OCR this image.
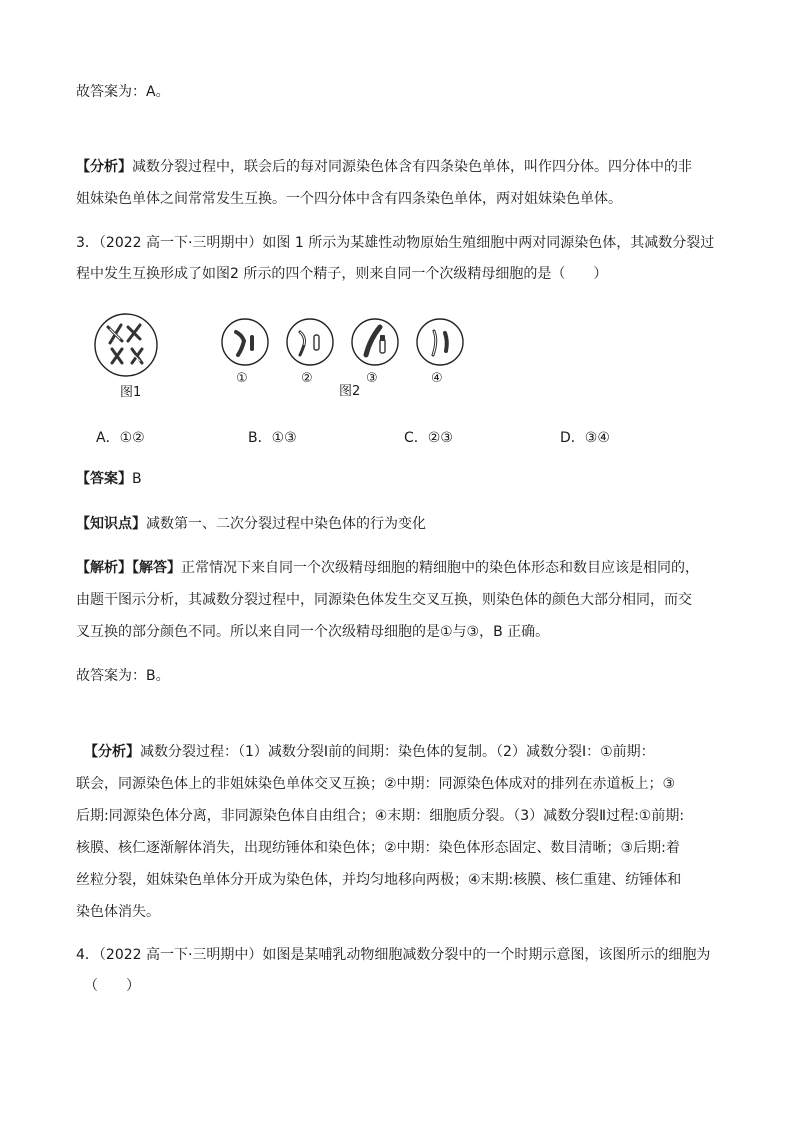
故答案为：A。
【分析】减数分裂过程中，联会后的每对同源染色体含有四条染色单体，叫作四分体。四分体中的非
姐妹染色单体之间常常发生互换。一个四分体中含有四条染色单体，两对姐妹染色单体。
3．（2022 高一下·三明期中）如图 1 所示为某雄性动物原始生殖细胞中两对同源染色体，其减数分裂过
程中发生互换形成了如图2 所示的四个精子，则来自同一个次级精母细胞的是（　　）
图1
①	②
图2
③	④
A．①②	B．①③	C．②③	D．③④
【答案】B
【知识点】减数第一、二次分裂过程中染色体的行为变化
【解析】【解答】正常情况下来自同一个次级精母细胞的精细胞中的染色体形态和数目应该是相同的，
由题干图示分析，其减数分裂过程中，同源染色体发生交叉互换，则染色体的颜色大部分相同，而交
叉互换的部分颜色不同。所以来自同一个次级精母细胞的是①与③，B 正确。
故答案为：B。
【分析】减数分裂过程：（1）减数分裂Ⅰ前的间期：染色体的复制。（2）减数分裂Ⅰ：①前期：
联会，同源染色体上的非姐妹染色单体交叉互换；②中期：同源染色体成对的排列在赤道板上；③
后期:同源染色体分离，非同源染色体自由组合；④末期：细胞质分裂。（3）减数分裂Ⅱ过程:①前期:
核膜、核仁逐渐解体消失，出现纺锤体和染色体；②中期：染色体形态固定、数目清晰；③后期:着
丝粒分裂，姐妹染色单体分开成为染色体，并均匀地移向两极；④末期:核膜、核仁重建、纺锤体和
染色体消失。
4．（2022 高一下·三明期中）如图是某哺乳动物细胞减数分裂中的一个时期示意图，该图所示的细胞为
（　　）
